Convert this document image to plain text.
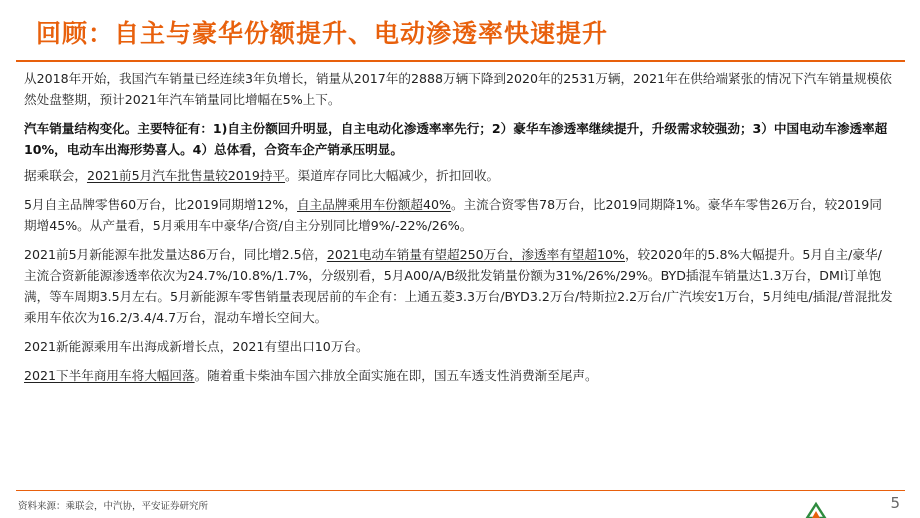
回顾：自主与豪华份额提升、电动渗透率快速提升

从2018年开始，我国汽车销量已经连续3年负增长，销量从2017年的2888万辆下降到2020年的2531万辆，2021年在供给端紧张的情况下汽车销量规模依然处盘整期，预计2021年汽车销量同比增幅在5%上下。

汽车销量结构变化。主要特征有：1)自主份额回升明显，自主电动化渗透率率先行；2）豪华车渗透率继续提升，升级需求较强劲；3）中国电动车渗透率超10%，电动车出海形势喜人。4）总体看，合资车企产销承压明显。

据乘联会，2021前5月汽车批售量较2019持平。渠道库存同比大幅减少，折扣回收。

5月自主品牌零售60万台，比2019同期增12%，自主品牌乘用车份额超40%。主流合资零售78万台，比2019同期降1%。豪华车零售26万台，较2019同期增45%。从产量看，5月乘用车中豪华/合资/自主分别同比增9%/-22%/26%。

2021前5月新能源车批发量达86万台，同比增2.5倍，2021电动车销量有望超250万台，渗透率有望超10%，较2020年的5.8%大幅提升。5月自主/豪华/主流合资新能源渗透率依次为24.7%/10.8%/1.7%，分级别看，5月A00/A/B级批发销量份额为31%/26%/29%。BYD插混车销量达1.3万台，DMI订单饱满，等车周期3.5月左右。5月新能源车零售销量表现居前的车企有：上通五菱3.3万台/BYD3.2万台/特斯拉2.2万台/广汽埃安1万台，5月纯电/插混/普混批发乘用车依次为16.2/3.4/4.7万台，混动车增长空间大。

2021新能源乘用车出海成新增长点，2021有望出口10万台。

2021下半年商用车将大幅回落。随着重卡柴油车国六排放全面实施在即，国五车透支性消费渐至尾声。

资料来源：乘联会，中汽协，平安证券研究所	5
